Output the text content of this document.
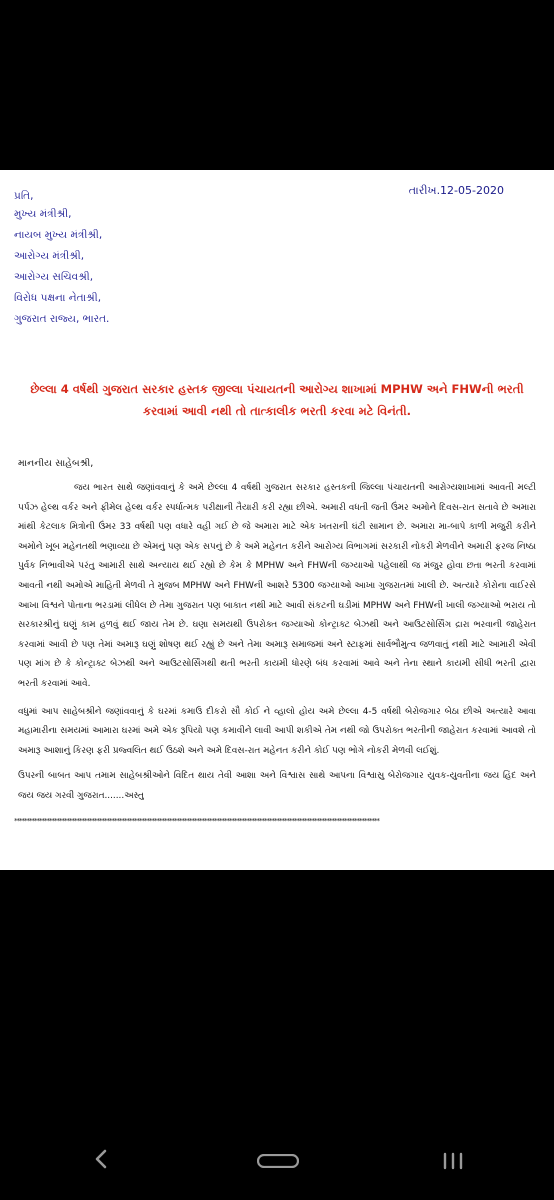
પ્રતિ,	તારીખ.12-05-2020
મુખ્ય મંત્રીશ્રી,
નાયબ મુખ્ય મંત્રીશ્રી,
આરોગ્ય મંત્રીશ્રી,
આરોગ્ય સચિવશ્રી,
વિરોધ પક્ષના નેતાશ્રી,
ગુજરાત રાજ્ય, ભારત.
છેલ્લા 4 વર્ષથી ગુજરાત સરકાર હસ્તક જીલ્લા પંચાયતની આરોગ્ય શાખામાં MPHW અને FHWની ભરતી કરવામાં આવી નથી તો તાત્કાલીક ભરતી કરવા મટે વિનંતી.
માનનીય સાહેબશ્રી,
જય ભારત સાથે જણાંવવાનું કે અમે છેલ્લા 4 વર્ષથી ગુજરાત સરકાર હસ્તકની જિલ્લા પંચાયતની આરોગ્યશાખામાં આવતી મલ્ટી પર્પઝ હેલ્થ વર્કર અને ફીમેલ હેલ્થ વર્કર સ્પર્ધાત્મક પરીક્ષાની તૈયારી કરી રહ્યા છીએ. અમારી વધતી જતી ઉંમર અમોને દિવસ-રાત સતાવે છે અમારા માંથી કેટલાક મિત્રોની ઉંમર 33 વર્ષથી પણ વધારે વહી ગઈ છે જે અમારા માટે એક ખતરાની ઘંટી સામાન છે. અમારા મા-બાપે કાળી મજુરી કરીને અમોને ખૂબ મહેનતથી ભણાવ્યા છે એમનું પણ એક સપનું છે કે અમે મહેનત કરીને આરોગ્ય વિભાગમાં સરકારી નોકરી મેળવીને અમારી ફરજ નિષ્ઠા પુર્વક નિભાવીએ પરંતુ આમારી સાથે અન્યાય થઈ રહ્યો છે કેમ કે MPHW અને FHWની જગ્યાઓ પહેલાથી જ મંજુર હોવા છતા ભરતી કરવામાં આવતી નથી અમોએ માહિતી મેળવી તે મુજબ MPHW અને FHWની આશરે 5300 જગ્યાઓ આખા ગુજરાતમાં ખાલી છે. અત્યારે કોરોના વાઈરસે આખા વિશ્વને પોતાના ભરડામાં લીધેલ છે તેમા ગુજરાત પણ બાકાત નથી માટે આવી સંકટની ઘડીમાં MPHW અને FHWની ખાલી જગ્યાઓ ભરાય તો સરકારશ્રીનું ઘણું કામ હળવું થઈ જાય તેમ છે. ઘણા સમયથી ઉપરોક્ત જગ્યાઓ કોન્ટ્રાક્ટ બેઝથી અને આઉટસોર્સિંગ દ્રારા ભરવાની જાહેરાત કરવામાં આવી છે પણ તેમાં અમારૂ ઘણું શોષણ થઈ રહ્યું છે અને તેમા અમારૂ સમાજમાં અને સ્ટાફમાં સાર્વભૌમુત્વ જળવાતું નથી માટે આમારી એવી પણ માંગ છે કે કોન્ટ્રાક્ટ બેઝથી અને આઉટસોર્સિંગથી થતી ભરતી કાયમી ધોરણે બંધ કરવામાં આવે અને તેના સ્થાને કાયમી સીધી ભરતી દ્વારા ભરતી કરવામાં આવે.
વધુમાં આપ સાહેબશ્રીને જણાંવવાનું કે ઘરમાં કમાઉ દીકરો સૌ કોઈ ને વ્હાલો હોય અમે છેલ્લા 4-5 વર્ષથી બેરોજગાર બેઠા છીએ અત્યારે આવા મહામારીના સમયમાં આમારા ઘરમાં અમે એક રૂપિયો પણ કમાવીને લાવી આપી શકીએ તેમ નથી જો ઉપરોક્ત ભરતીની જાહેરાત કરવામાં આવશે તો અમારૂ આશાનું કિરણ ફરી પ્રજ્વલિત થઈ ઉઠશે અને અમે દિવસ-રાત મહેનત કરીને કોઈ પણ ભોગે નોકરી મેળવી લઈશું.
ઉપરની બાબત આપ તમામ સાહેબશ્રીઓને વિદિત થાય તેવી આશા અને વિશ્વાસ સાથે આપના વિશ્વાસુ બેરોજગાર યુવક-યુવતીના જય હિંદ અને જય જય ગરવી ગુજરાત.......અસ્તુ
**************************************************************************************************************************************************
